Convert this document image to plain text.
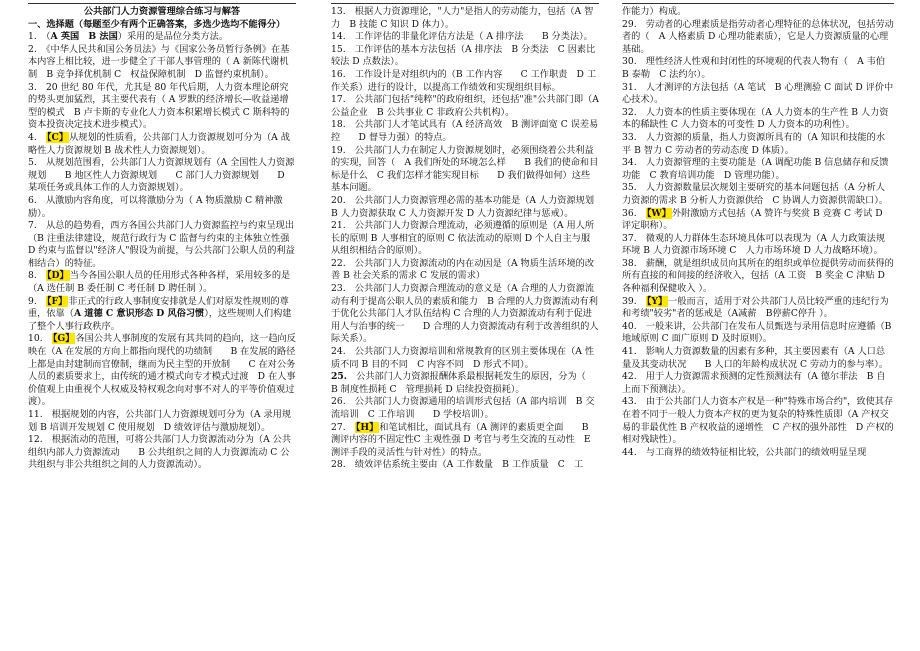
公共部门人力资源管理综合练习与解答

一、选择题（每题至少有两个正确答案，多选少选均不能得分）

1.　（A 英国　B 法国）采用的是品位分类方法。

2.　《中华人民共和国公务员法》与《国家公务员暂行条例》在基本内容上相比较，进一步健全了干部人事管理的（ A 新陈代谢机制　B 竞争择优机制 C　权益保障机制　D 监督约束机制）。

3.　20 世纪 80 年代，尤其是 80 年代后期，人力资本理论研究的势头更加猛烈，其主要代表有（ A 罗默的经济增长—收益递增型的模式　B 卢卡斯的专业化人力资本积累增长模式 C 斯科特的资本投资决定技术进步模式）。

4.　【C】从规划的性质看，公共部门人力资源规划可分为（A 战略性人力资源规划 B 战术性人力资源规划）。

5.　从规划范围看，公共部门人力资源规划有（A 全国性人力资源规划　　B 地区性人力资源规划　　C 部门人力资源规划　　D 某项任务或具体工作的人力资源规划）。

6.　从激励内容角度，可以将激励分为（ A 物质激励 C 精神激励）。

7.　从总的趋势看，西方各国公共部门人力资源监控与约束呈现出（B 注重法律建设，规范行政行为 C 监督与约束的主体独立性强　　D 约束与监督以"经济人"假设为前提，与公共部门公职人员的利益相结合）的特征。

8.　【D】当今各国公职人员的任用形式各种各样，采用较多的是（A 选任制 B 委任制 C 考任制 D 聘任制 ）。

9.　【F】非正式的行政人事制度安排就是人们对原发性规则的尊重，依靠（A 道德 C 意识形态 D 风俗习惯），这些规则人们构建了整个人事行政秩序。

10.　【G】各国公共人事制度的发展有其共同的趋向，这一趋向反映在（A 在发展的方向上都指向现代的功绩制　　B 在发展的路径上都是由封建制而官僚制，继而为民主型的开放制　　C 在对公务人员的素质要求上，由传统的通才模式向专才模式过渡　D 在人事价值观上由重视个人权威及特权观念向对事不对人的平等价值观过渡）。

11.　根据规划的内容，公共部门人力资源规划可分为（A 录用规划 B 培训开发规划 C 使用规划　D 绩效评估与激励规划）。

12.　根据流动的范围，可将公共部门人力资源流动分为（A 公共组织内部人力资源流动　　B 公共组织之间的人力资源流动 C 公共组织与非公共组织之间的人力资源流动）。

13.　根据人力资源理论，"人力"是指人的劳动能力，包括（A 智力　B 技能 C 知识 D 体力）。

14.　工作评估的非量化评估方法是（ A 排序法　　B 分类法）。

15.　工作评估的基本方法包括（A 排序法　B 分类法　C 因素比较法 D 点数法）。

16.　工作设计是对组织内的（B 工作内容　　C 工作职责　D 工作关系）进行的设计，以提高工作绩效和实现组织目标。

17.　公共部门包括"纯粹"的政府组织，还包括"准"公共部门即（A 公益企业　B 公共事业 C 非政府公共机构）。

18.　公共部门人才笔试具有（A 经济高效　B 测评面宽 C 误差易控　　D 督导力强）的特点。

19.　公共部门人力在制定人力资源规划时，必须围绕着公共利益的实现，回答（　A 我们所处的环境怎么样　　B 我们的使命和目标是什么　C 我们怎样才能实现目标　　D 我们做得如何）这些基本问题。

20.　公共部门人力资源管理必需的基本功能是（A 人力资源规划 B 人力资源获取 C 人力资源开发 D 人力资源纪律与惩戒）。

21.　公共部门人力资源合理流动，必须遵循的原则是（A 用人所长的原则 B 人事相宜的原则 C 依法流动的原则 D 个人自主与服从组织相结合的原则）。

22.　公共部门人力资源流动的内在动因是（A 物质生活环境的改善 B 社会关系的需求 C 发展的需求）

23.　公共部门人力资源合理流动的意义是（A 合理的人力资源流动有利于提高公职人员的素质和能力　B 合理的人力资源流动有利于优化公共部门人才队伍结构 C 合理的人力资源流动有利于促进用人与治事的统一　　D 合理的人力资源流动有利于改善组织的人际关系）。

24.　公共部门人力资源培训和常规教育的区别主要体现在（A 性质不同 B 目的不同　C 内容不同　D 形式不同）。

25.　公共部门人力资源报酬体系最根据耗发生的原因，分为（　　B 制度性损耗 C　管理损耗 D 启续投资损耗）。

26.　公共部门人力资源通用的培训形式包括（A 部内培训　B 交流培训　C 工作培训　　D 学校培训）。

27.　【H】和笔试相比，面试具有（A 测评的素质更全面　　B 测评内容的不固定性C 主观性强 D 考官与考生交流的互动性　E 测评手段的灵活性与针对性）的特点。

28.　绩效评估系统主要由（A 工作数量　B 工作质量　C　工

作能力）构成。

29.　劳动者的心理素质是指劳动者心理特征的总体状况，包括劳动者的（　A 人格素质 D 心理功能素质），它是人力资源质量的心理基础。

30.　理性经济人性观和封闭性的环境观的代表人物有（　A 韦伯　B 泰勒　C 法约尔）。

31.　人才测评的方法包括（A 笔试　B 心理测验 C 面试 D 评价中心技术）。

32.　人力资本的性质主要体现在（A 人力资本的生产性 B 人力资本的稀缺性 C 人力资本的可变性 D 人力资本的功利性）。

33.　人力资源的质量，指人力资源所具有的（A 知识和技能的水平 B 智力 C 劳动者的劳动态度 D 体质）。

34.　人力资源管理的主要功能是（A 调配功能 B 信息储存和反馈功能　C 教育培训功能　D 管理功能）。

35.　人力资源数量层次规划主要研究的基本问题包括（A 分析人力资源的需求 B 分析人力资源供给　C 协调人力资源供需缺口）。

36.　【W】外附激励方式包括（A 赞许与奖赏 B 竞赛 C 考试 D 评定职称）。

37.　微观的人力群体生态环境具体可以表现为（A 人力政策法规环境 B 人力资源市场环境 C　人力市场环境 D 人力战略环境）。

38.　薪酬，就是组织成员向其所在的组织或单位提供劳动而获得的所有直接的和间接的经济收入，包括（A 工资　B 奖金 C 津贴 D 各种福利保健收入 ）。

39.　【Y】一般而言，适用于对公共部门人员比较严重的违纪行为和考绩"较劣"者的惩戒是（A减薪　B停薪C停升 ）。

40.　一般来讲，公共部门在发布人员甄选与录用信息时应遵循（B 地域原则 C 面广原则 D 及时原则）。

41.　影响人力资源数量的因素有多种，其主要因素有（A 人口总量及其变动状况　　B 人口的年龄构成状况 C 劳动力的参与率）。

42.　用于人力资源需求预测的定性预测法有（A 德尔菲法　B 自上而下预测法）。

43.　由于公共部门人力资本产权是一种"特殊市场合约"，致使其存在着不同于一般人力资本产权的更为复杂的特殊性质即（A 产权交易的非最优性 B 产权收益的递增性　C 产权的强外部性　D 产权的相对残缺性）。

44.　与工商界的绩效特征相比较，公共部门的绩效明显呈现
